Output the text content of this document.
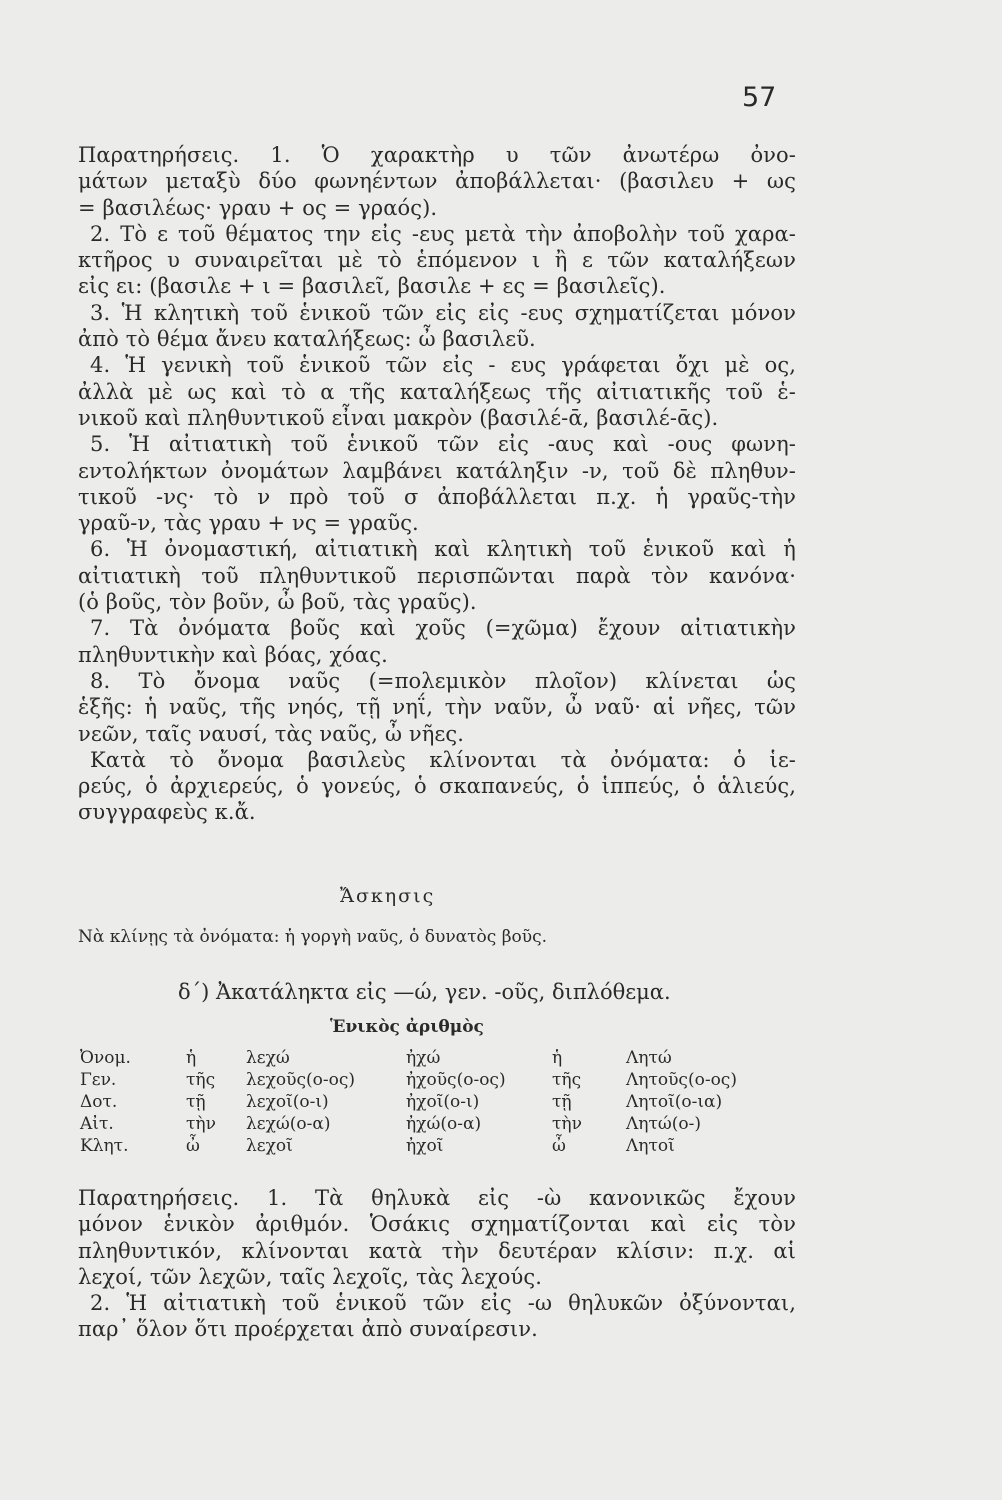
57
Παρατηρήσεις. 1. Ὁ χαρακτὴρ υ τῶν ἀνωτέρω ὀνο-
μάτων μεταξὺ δύο φωνηέντων ἀποβάλλεται· (βασιλευ + ως
= βασιλέως· γραυ + ος = γραός).
2. Τὸ ε τοῦ θέματος την εἰς -ευς μετὰ τὴν ἀποβολὴν τοῦ χαρα-
κτῆρος υ συναιρεῖται μὲ τὸ ἑπόμενον ι ἢ ε τῶν καταλήξεων
εἰς ει: (βασιλε + ι = βασιλεῖ, βασιλε + ες = βασιλεῖς).
3. Ἡ κλητικὴ τοῦ ἑνικοῦ τῶν εἰς εἰς -ευς σχηματίζεται μόνον
ἀπὸ τὸ θέμα ἄνευ καταλήξεως: ὦ βασιλεῦ.
4. Ἡ γενικὴ τοῦ ἑνικοῦ τῶν εἰς - ευς γράφεται ὄχι μὲ ος,
ἀλλὰ μὲ ως καὶ τὸ α τῆς καταλήξεως τῆς αἰτιατικῆς τοῦ ἑ-
νικοῦ καὶ πληθυντικοῦ εἶναι μακρὸν (βασιλέ-ᾱ, βασιλέ-ᾱς).
5. Ἡ αἰτιατικὴ τοῦ ἑνικοῦ τῶν εἰς -αυς καὶ -ους φωνη-
εντολήκτων ὀνομάτων λαμβάνει κατάληξιν -ν, τοῦ δὲ πληθυν-
τικοῦ -νς· τὸ ν πρὸ τοῦ σ ἀποβάλλεται π.χ. ἡ γραῦς-τὴν
γραῦ-ν, τὰς γραυ + νς = γραῦς.
6. Ἡ ὀνομαστική, αἰτιατικὴ καὶ κλητικὴ τοῦ ἑνικοῦ καὶ ἡ
αἰτιατικὴ τοῦ πληθυντικοῦ περισπῶνται παρὰ τὸν κανόνα·
(ὁ βοῦς, τὸν βοῦν, ὦ βοῦ, τὰς γραῦς).
7. Τὰ ὀνόματα βοῦς καὶ χοῦς (=χῶμα) ἔχουν αἰτιατικὴν
πληθυντικὴν καὶ βόας, χόας.
8. Τὸ ὄνομα ναῦς (=πολεμικὸν πλοῖον) κλίνεται ὡς
ἑξῆς: ἡ ναῦς, τῆς νηός, τῇ νηΐ, τὴν ναῦν, ὦ ναῦ· αἱ νῆες, τῶν
νεῶν, ταῖς ναυσί, τὰς ναῦς, ὦ νῆες.
Κατὰ τὸ ὄνομα βασιλεὺς κλίνονται τὰ ὀνόματα: ὁ ἱε-
ρεύς, ὁ ἀρχιερεύς, ὁ γονεύς, ὁ σκαπανεύς, ὁ ἱππεύς, ὁ ἁλιεύς,
συγγραφεὺς κ.ἄ.
Ἄσκησις
Νὰ κλίνῃς τὰ ὀνόματα: ἡ γοργὴ ναῦς, ὁ δυνατὸς βοῦς.
δ΄) Ἀκατάληκτα εἰς —ώ, γεν. -οῦς, διπλόθεμα.
Ἑνικὸς ἀριθμὸς
Ὀνομ.	ἡ	λεχώ	ἠχώ	ἡ	Λητώ
Γεν.	τῆς	λεχοῦς(ο-ος)	ἠχοῦς(ο-ος)	τῆς	Λητοῦς(ο-ος)
Δοτ.	τῇ	λεχοῖ(ο-ι)	ἠχοῖ(ο-ι)	τῇ	Λητοῖ(ο-ια)
Αἰτ.	τὴν	λεχώ(ο-α)	ἠχώ(ο-α)	τὴν	Λητώ(ο-)
Κλητ.	ὦ	λεχοῖ	ἠχοῖ	ὦ	Λητοῖ
Παρατηρήσεις. 1. Τὰ θηλυκὰ εἰς -ὼ κανονικῶς ἔχουν
μόνον ἑνικὸν ἀριθμόν. Ὁσάκις σχηματίζονται καὶ εἰς τὸν
πληθυντικόν, κλίνονται κατὰ τὴν δευτέραν κλίσιν: π.χ. αἱ
λεχοί, τῶν λεχῶν, ταῖς λεχοῖς, τὰς λεχούς.
2. Ἡ αἰτιατικὴ τοῦ ἑνικοῦ τῶν εἰς -ω θηλυκῶν ὀξύνονται,
παρ᾽ ὅλον ὅτι προέρχεται ἀπὸ συναίρεσιν.
